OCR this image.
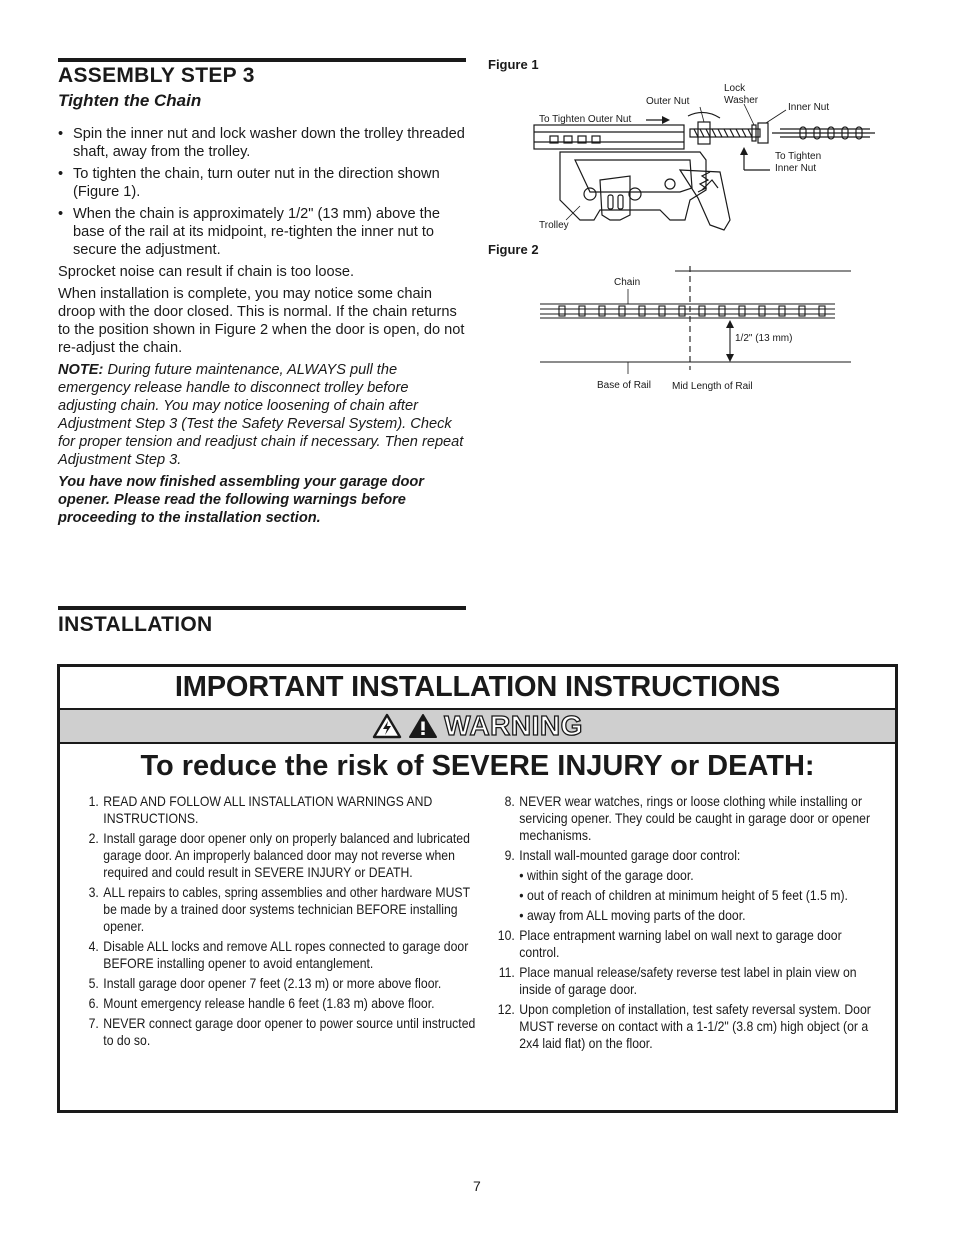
ASSEMBLY STEP 3
Tighten the Chain
• Spin the inner nut and lock washer down the trolley threaded shaft, away from the trolley.
• To tighten the chain, turn outer nut in the direction shown (Figure 1).
• When the chain is approximately 1/2" (13 mm) above the base of the rail at its midpoint, re-tighten the inner nut to secure the adjustment.

Sprocket noise can result if chain is too loose.

When installation is complete, you may notice some chain droop with the door closed. This is normal. If the chain returns to the position shown in Figure 2 when the door is open, do not re-adjust the chain.

NOTE: During future maintenance, ALWAYS pull the emergency release handle to disconnect trolley before adjusting chain. You may notice loosening of chain after Adjustment Step 3 (Test the Safety Reversal System). Check for proper tension and readjust chain if necessary. Then repeat Adjustment Step 3.

You have now finished assembling your garage door opener. Please read the following warnings before proceeding to the installation section.

Figure 1
Outer Nut
Lock
Washer
Inner Nut
To Tighten Outer Nut
To Tighten
Inner Nut
Trolley
Figure 2
Chain
1/2" (13 mm)
Base of Rail Mid Length of Rail
INSTALLATION
IMPORTANT INSTALLATION INSTRUCTIONS
WARNING
To reduce the risk of SEVERE INJURY or DEATH:
1. READ AND FOLLOW ALL INSTALLATION WARNINGS AND INSTRUCTIONS.
2. Install garage door opener only on properly balanced and lubricated garage door. An improperly balanced door may not reverse when required and could result in SEVERE INJURY or DEATH.
3. ALL repairs to cables, spring assemblies and other hardware MUST be made by a trained door systems technician BEFORE installing opener.
4. Disable ALL locks and remove ALL ropes connected to garage door BEFORE installing opener to avoid entanglement.
5. Install garage door opener 7 feet (2.13 m) or more above floor.
6. Mount emergency release handle 6 feet (1.83 m) above floor.
7. NEVER connect garage door opener to power source until instructed to do so.
8. NEVER wear watches, rings or loose clothing while installing or servicing opener. They could be caught in garage door or opener mechanisms.
9. Install wall-mounted garage door control:
• within sight of the garage door.
• out of reach of children at minimum height of 5 feet (1.5 m).
• away from ALL moving parts of the door.
10. Place entrapment warning label on wall next to garage door control.
11. Place manual release/safety reverse test label in plain view on inside of garage door.
12. Upon completion of installation, test safety reversal system. Door MUST reverse on contact with a 1-1/2" (3.8 cm) high object (or a 2x4 laid flat) on the floor.
7
